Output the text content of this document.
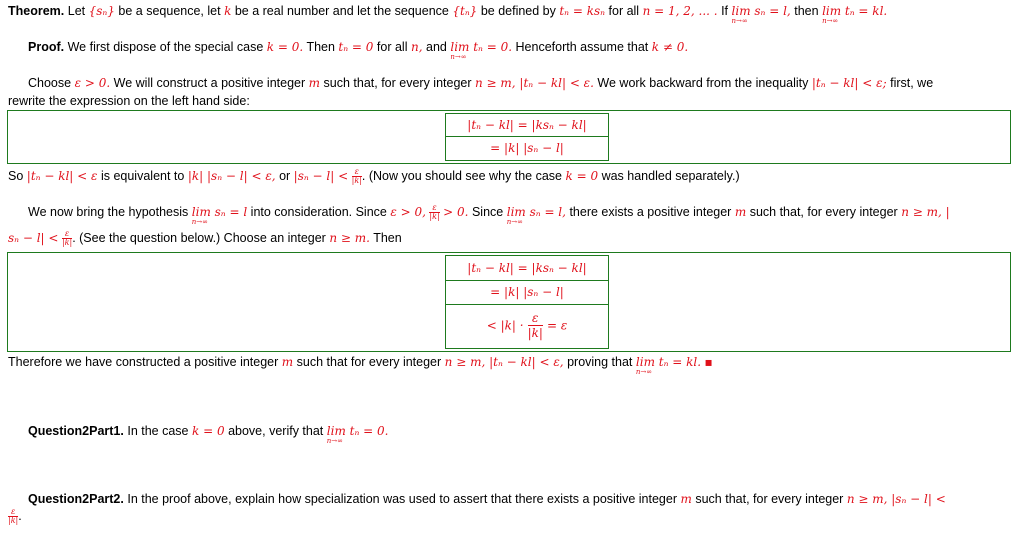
Theorem. Let {sₙ} be a sequence, let k be a real number and let the sequence {tₙ} be defined by tₙ = ksₙ for all n = 1, 2, ... . If lim sₙ = l,
n→∞
then lim tₙ = kl.
n→∞
Proof. We first dispose of the special case k = 0. Then tₙ = 0 for all n, and lim tₙ = 0.
n→∞
Henceforth assume that k ≠ 0.
Choose ε > 0. We will construct a positive integer m such that, for every integer n ≥ m, |tₙ − kl| < ε. We work backward from the inequality |tₙ − kl| < ε; first, we
rewrite the expression on the left hand side:
|tₙ − kl| = |ksₙ − kl|
= |k| |sₙ − l|
So |tₙ − kl| < ε is equivalent to |k| |sₙ − l| < ε, or $|s_n - l| < \frac{\varepsilon}{|k|}$ . (Now you should see why the case k = 0 was handled separately.)
We now bring the hypothesis lim sₙ = l
n→∞
into consideration. Since ε > 0, $\frac{\varepsilon}{|k|} > 0$. Since lim sₙ = l,
n→∞
there exists a positive integer m such that, for every integer n ≥ m, |
$s_n - l| < \frac{\varepsilon}{|k|}$ . (See the question below.) Choose an integer n ≥ m. Then
|tₙ − kl| = |ksₙ − kl|
= |k| |sₙ − l|
< $|k| \cdot \frac{\varepsilon}{|k|} = \varepsilon$
Therefore we have constructed a positive integer m such that for every integer n ≥ m, |tₙ − kl| < ε, proving that lim tₙ = kl.
n→∞
▪
Question2Part1. In the case k = 0 above, verify that lim tₙ = 0.
n→∞
Question2Part2. In the proof above, explain how specialization was used to assert that there exists a positive integer m such that, for every integer n ≥ m, |sₙ − l| <
$\frac{\varepsilon}{|k|}$ .
